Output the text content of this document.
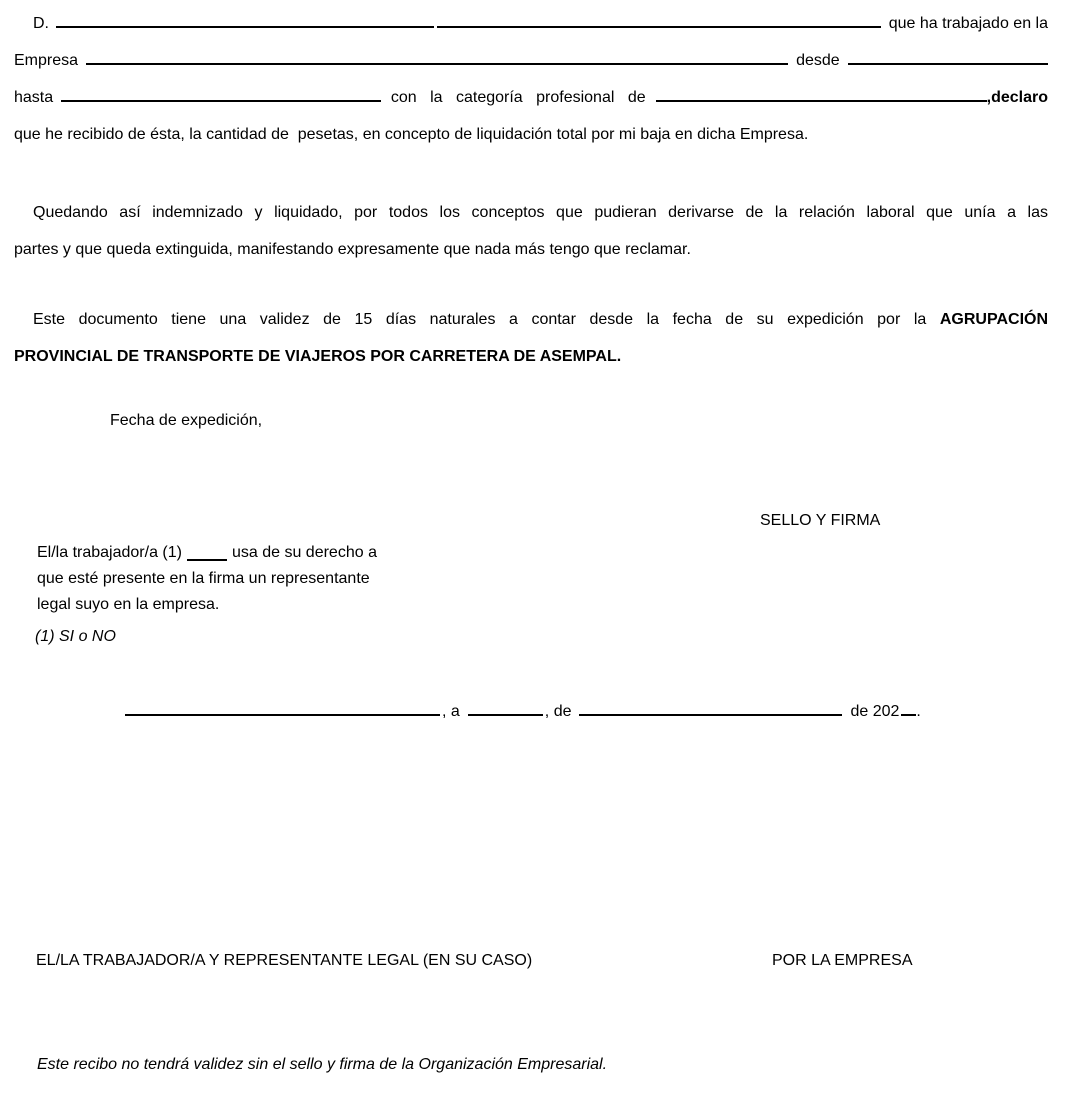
D.	que ha trabajado en la
Empresa	desde
hasta	con la categoría profesional de	,declaro
que he recibido de ésta, la cantidad de  pesetas, en concepto de liquidación total por mi baja en dicha Empresa.
Quedando así indemnizado y liquidado, por todos los conceptos que pudieran derivarse de la relación laboral que unía a las
partes y que queda extinguida, manifestando expresamente que nada más tengo que reclamar.
Este documento tiene una validez de 15 días naturales a contar desde la fecha de su expedición por la AGRUPACIÓN
PROVINCIAL DE TRANSPORTE DE VIAJEROS POR CARRETERA DE ASEMPAL.
Fecha de expedición,
SELLO Y FIRMA
El/la trabajador/a (1)	usa de su derecho a
que esté presente en la firma un representante
legal suyo en la empresa.
(1) SI o NO
, a	, de	de 202 .
EL/LA TRABAJADOR/A Y REPRESENTANTE LEGAL (EN SU CASO)	POR LA EMPRESA
Este recibo no tendrá validez sin el sello y firma de la Organización Empresarial.
